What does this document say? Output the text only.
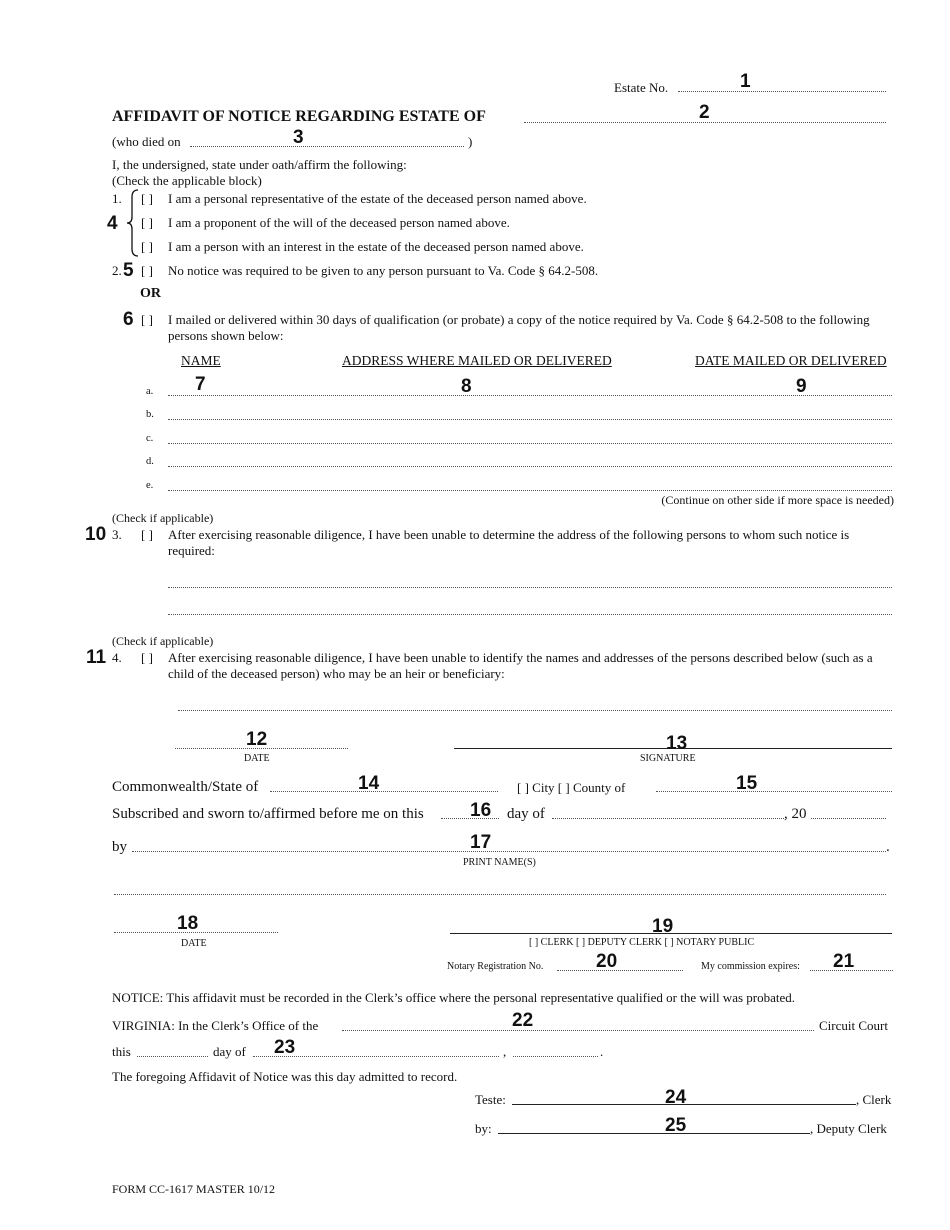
Estate No.	1
AFFIDAVIT OF NOTICE REGARDING ESTATE OF	2
(who died on	)
3
I, the undersigned, state under oath/affirm the following:
(Check the applicable block)
1.
4
[ ] I am a personal representative of the estate of the deceased person named above.
[ ] I am a proponent of the will of the deceased person named above.
[ ] I am a person with an interest in the estate of the deceased person named above.
2. 5 [ ] No notice was required to be given to any person pursuant to Va. Code § 64.2-508.
OR
6 [ ] I mailed or delivered within 30 days of qualification (or probate) a copy of the notice required by Va. Code § 64.2-508 to the following persons shown below:
NAME	ADDRESS WHERE MAILED OR DELIVERED	DATE MAILED OR DELIVERED
7	8	9
a.
b.
c.
d.
e.
(Continue on other side if more space is needed)
(Check if applicable)
10 3. [ ] After exercising reasonable diligence, I have been unable to determine the address of the following persons to whom such notice is required:
(Check if applicable)
11 4. [ ] After exercising reasonable diligence, I have been unable to identify the names and addresses of the persons described below (such as a child of the deceased person) who may be an heir or beneficiary:
12
DATE
13
SIGNATURE
Commonwealth/State of	14	[ ] City [ ] County of	15
Subscribed and sworn to/affirmed before me on this 16 day of	, 20
by	.
17
PRINT NAME(S)
18
DATE
19
[ ] CLERK [ ] DEPUTY CLERK [ ] NOTARY PUBLIC
Notary Registration No.	20	My commission expires: 21
NOTICE: This affidavit must be recorded in the Clerk’s office where the personal representative qualified or the will was probated.
VIRGINIA: In the Clerk’s Office of the	22	Circuit Court
this	day of 23	,	.
The foregoing Affidavit of Notice was this day admitted to record.
Teste:	24	, Clerk
by:	25	, Deputy Clerk
FORM CC-1617 MASTER 10/12
